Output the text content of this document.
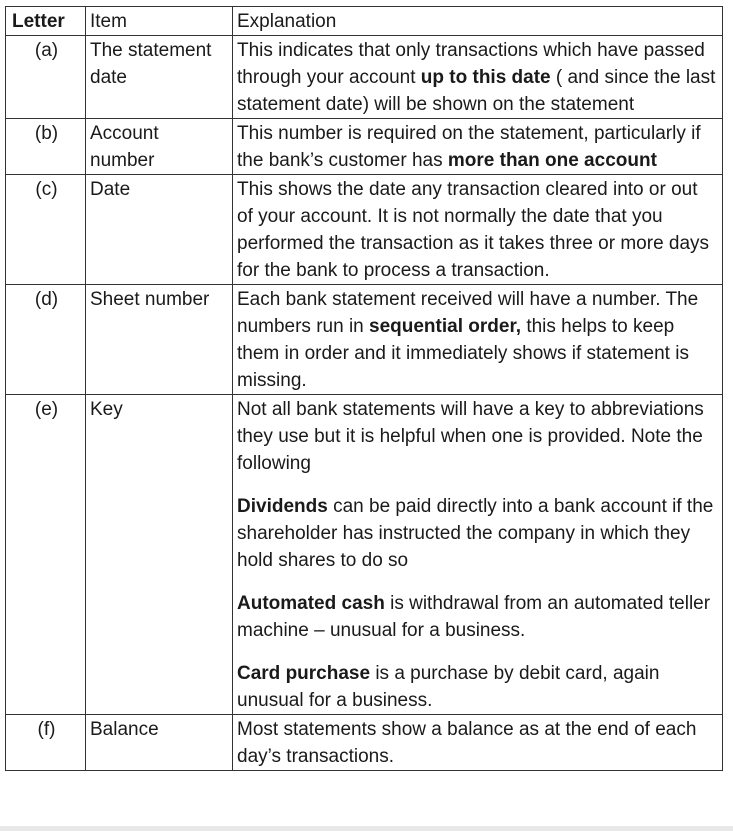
Letter	Item	Explanation
(a)	The statement date	This indicates that only transactions which have passed through your account up to this date ( and since the last statement date) will be shown on the statement

(b)	Account number	This number is required on the statement, particularly if the bank’s customer has more than one account

(c)	Date	This shows the date any transaction cleared into or out of your account. It is not normally the date that you performed the transaction as it takes three or more days for the bank to process a transaction.

(d)	Sheet number	Each bank statement received will have a number. The numbers run in sequential order, this helps to keep them in order and it immediately shows if statement is missing.

(e)	Key	Not all bank statements will have a key to abbreviations they use but it is helpful when one is provided. Note the following

Dividends can be paid directly into a bank account if the shareholder has instructed the company in which they hold shares to do so

Automated cash is withdrawal from an automated teller machine – unusual for a business.

Card purchase is a purchase by debit card, again unusual for a business.

(f)	Balance	Most statements show a balance as at the end of each day’s transactions.
